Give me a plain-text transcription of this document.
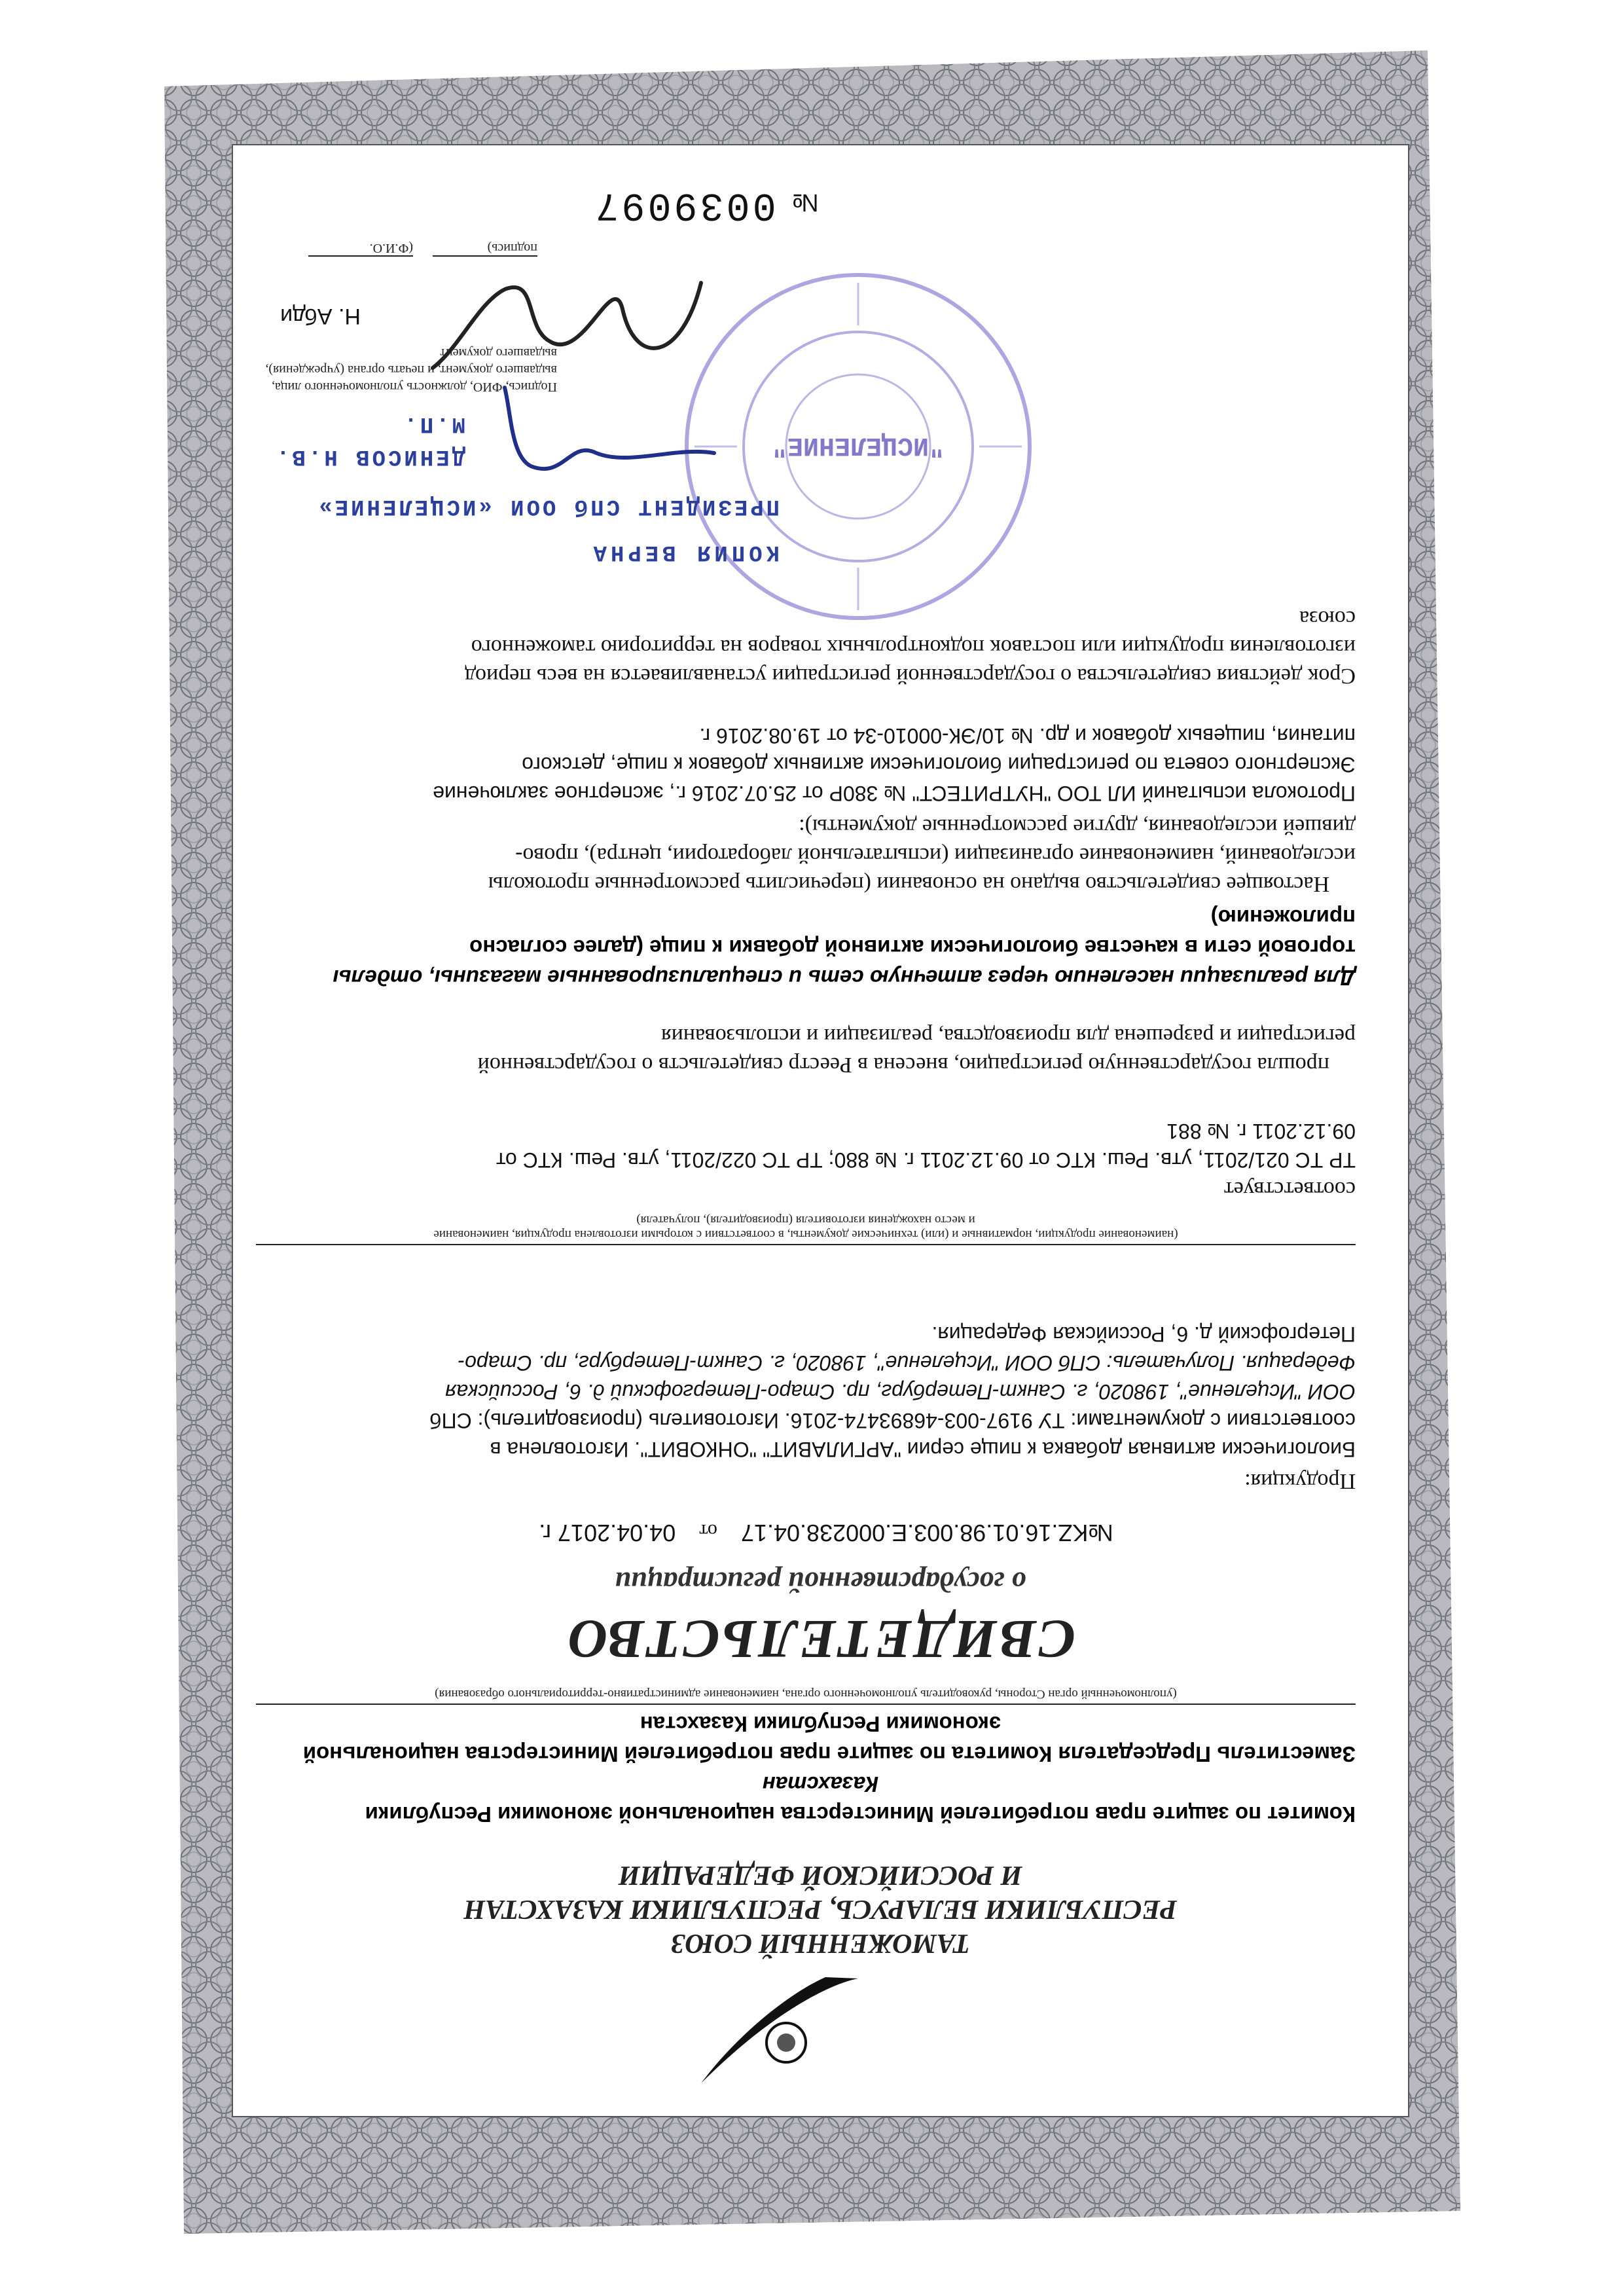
ТАМОЖЕННЫЙ СОЮЗ
РЕСПУБЛИКИ БЕЛАРУСЬ, РЕСПУБЛИКИ КАЗАХСТАН
И РОССИЙСКОЙ ФЕДЕРАЦИИ
Комитет по защите прав потребителей Министерства национальной экономики Республики
Казахстан
Заместитель Председателя Комитета по защите прав потребителей Министерства национальной
экономики Республики Казахстан
(уполномоченный орган Стороны, руководитель уполномоченного органа, наименование административно-территориального образования)
СВИДЕТЕЛЬСТВО
о государственной регистрации
№KZ.16.01.98.003.E.000238.04.17 от 04.04.2017 г.
Продукция:
Биологически активная добавка к пище серии "АРГИЛАВИТ" "ОНКОВИТ". Изготовлена в
соответствии с документами: ТУ 9197-003-46893474-2016. Изготовитель (производитель): СПб
ООИ "Исцеление", 198020, г. Санкт-Петербург, пр. Старо-Петергофский д. 6, Российская
Федерация. Получатель: СПб ООИ "Исцеление", 198020, г. Санкт-Петербург, пр. Старо-
Петергофский д. 6, Российская Федерация.
(наименование продукции, нормативные и (или) технические документы, в соответствии с которыми изготовлена продукция, наименование
и место нахождения изготовителя (производителя), получателя)
соответствует
ТР ТС 021/2011, утв. Реш. КТС от 09.12.2011 г. № 880; ТР ТС 022/2011, утв. Реш. КТС от
09.12.2011 г. № 881
прошла государственную регистрацию, внесена в Реестр свидетельств о государственной
регистрации и разрешена для производства, реализации и использования
Для реализации населению через аптечную сеть и специализированные магазины, отделы
торговой сети в качестве биологически активной добавки к пище (далее согласно
приложению)
Настоящее свидетельство выдано на основании (перечислить рассмотренные протоколы
исследований, наименование организации (испытательной лаборатории, центра), прово-
дившей исследования, другие рассмотренные документы):
Протокола испытаний ИЛ ТОО "НУТРИТЕСТ" № 380Р от 25.07.2016 г., экспертное заключение
Экспертного совета по регистрации биологически активных добавок к пище, детского
питания, пищевых добавок и др. № 10/ЭК-00010-34 от 19.08.2016 г.
Срок действия свидетельства о государственной регистрации устанавливается на весь период
изготовления продукции или поставок подконтрольных товаров на территорию таможенного
союза
"ИСЦЕЛЕНИЕ"
КОПИЯ ВЕРНА
ПРЕЗИДЕНТ СПб ООИ «ИСЦЕЛЕНИЕ»
ДЕНИСОВ Н.В.
М.П.
Подпись, ФИО, должность уполномоченного лица,
выдавшего документ, и печать органа (учреждения),
выдавшего документ
Н. Абди
(Ф.И.О.	подпись)
№ 0039097
